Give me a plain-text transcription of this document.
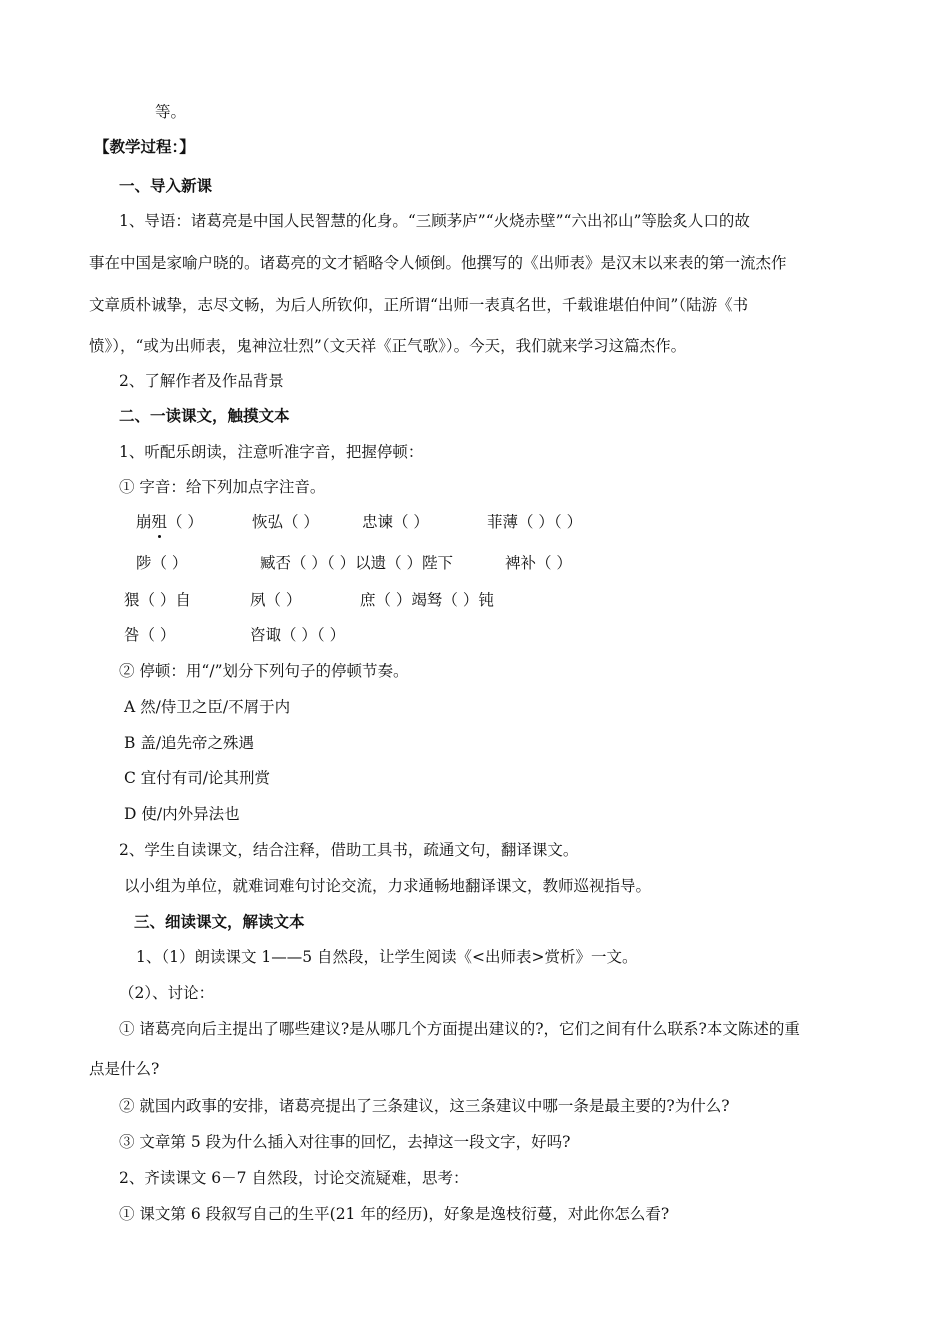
等。
【教学过程：】
一、导入新课
1、导语：诸葛亮是中国人民智慧的化身。“三顾茅庐”“火烧赤壁”“六出祁山”等脍炙人口的故
事在中国是家喻户晓的。诸葛亮的文才韬略令人倾倒。他撰写的《出师表》是汉末以来表的第一流杰作
文章质朴诚挚，志尽文畅，为后人所钦仰，正所谓“出师一表真名世，千载谁堪伯仲间”（陆游《书
愤》），“或为出师表，鬼神泣壮烈”（文天祥《正气歌》）。今天，我们就来学习这篇杰作。
2、了解作者及作品背景
二、一读课文，触摸文本
1、听配乐朗读，注意听准字音，把握停顿：
① 字音：给下列加点字注音。
崩殂（ ）	恢弘（ ）	忠谏（ ）	菲薄（ ）（ ）
陟（ ）	臧否（ ）（ ）以遗（ ）陛下	裨补（ ）
猥（ ）自	夙（ ）	庶（ ）竭驽（ ）钝
咎（ ）	咨诹（ ）（ ）
② 停顿：用“/”划分下列句子的停顿节奏。
A 然/侍卫之臣/不屑于内
B 盖/追先帝之殊遇
C 宜付有司/论其刑赏
D 使/内外异法也
2、学生自读课文，结合注释，借助工具书，疏通文句，翻译课文。
以小组为单位，就难词难句讨论交流，力求通畅地翻译课文，教师巡视指导。
三、细读课文，解读文本
1、（1）朗读课文 1——5 自然段，让学生阅读《<出师表>赏析》一文。
（2）、讨论：
① 诸葛亮向后主提出了哪些建议?是从哪几个方面提出建议的?，它们之间有什么联系?本文陈述的重
点是什么?
② 就国内政事的安排，诸葛亮提出了三条建议，这三条建议中哪一条是最主要的?为什么?
③ 文章第 5 段为什么插入对往事的回忆，去掉这一段文字，好吗?
2、齐读课文 6－7 自然段，讨论交流疑难，思考：
① 课文第 6 段叙写自己的生平(21 年的经历)，好象是逸枝衍蔓，对此你怎么看?
